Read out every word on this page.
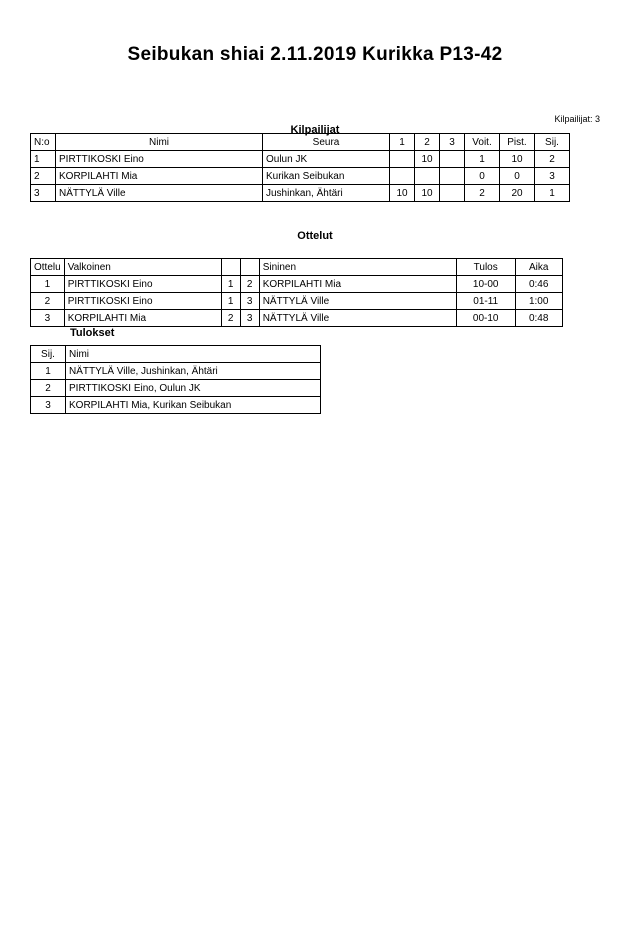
Seibukan shiai 2.11.2019 Kurikka P13-42
Kilpailijat
Kilpailijat: 3
N:o	Nimi	Seura	1	2	3	Voit.	Pist.	Sij.
1	PIRTTIKOSKI Eino	Oulun JK		10		1	10	2
2	KORPILAHTI Mia	Kurikan Seibukan				0	0	3
3	NÄTTYLÄ Ville	Jushinkan, Ähtäri	10	10		2	20	1
Ottelut
Ottelu	Valkoinen			Sininen	Tulos	Aika
1	PIRTTIKOSKI Eino	1	2	KORPILAHTI Mia	10-00	0:46
2	PIRTTIKOSKI Eino	1	3	NÄTTYLÄ Ville	01-11	1:00
3	KORPILAHTI Mia	2	3	NÄTTYLÄ Ville	00-10	0:48
Tulokset
Sij.	Nimi
1	NÄTTYLÄ Ville, Jushinkan, Ähtäri
2	PIRTTIKOSKI Eino, Oulun JK
3	KORPILAHTI Mia, Kurikan Seibukan
